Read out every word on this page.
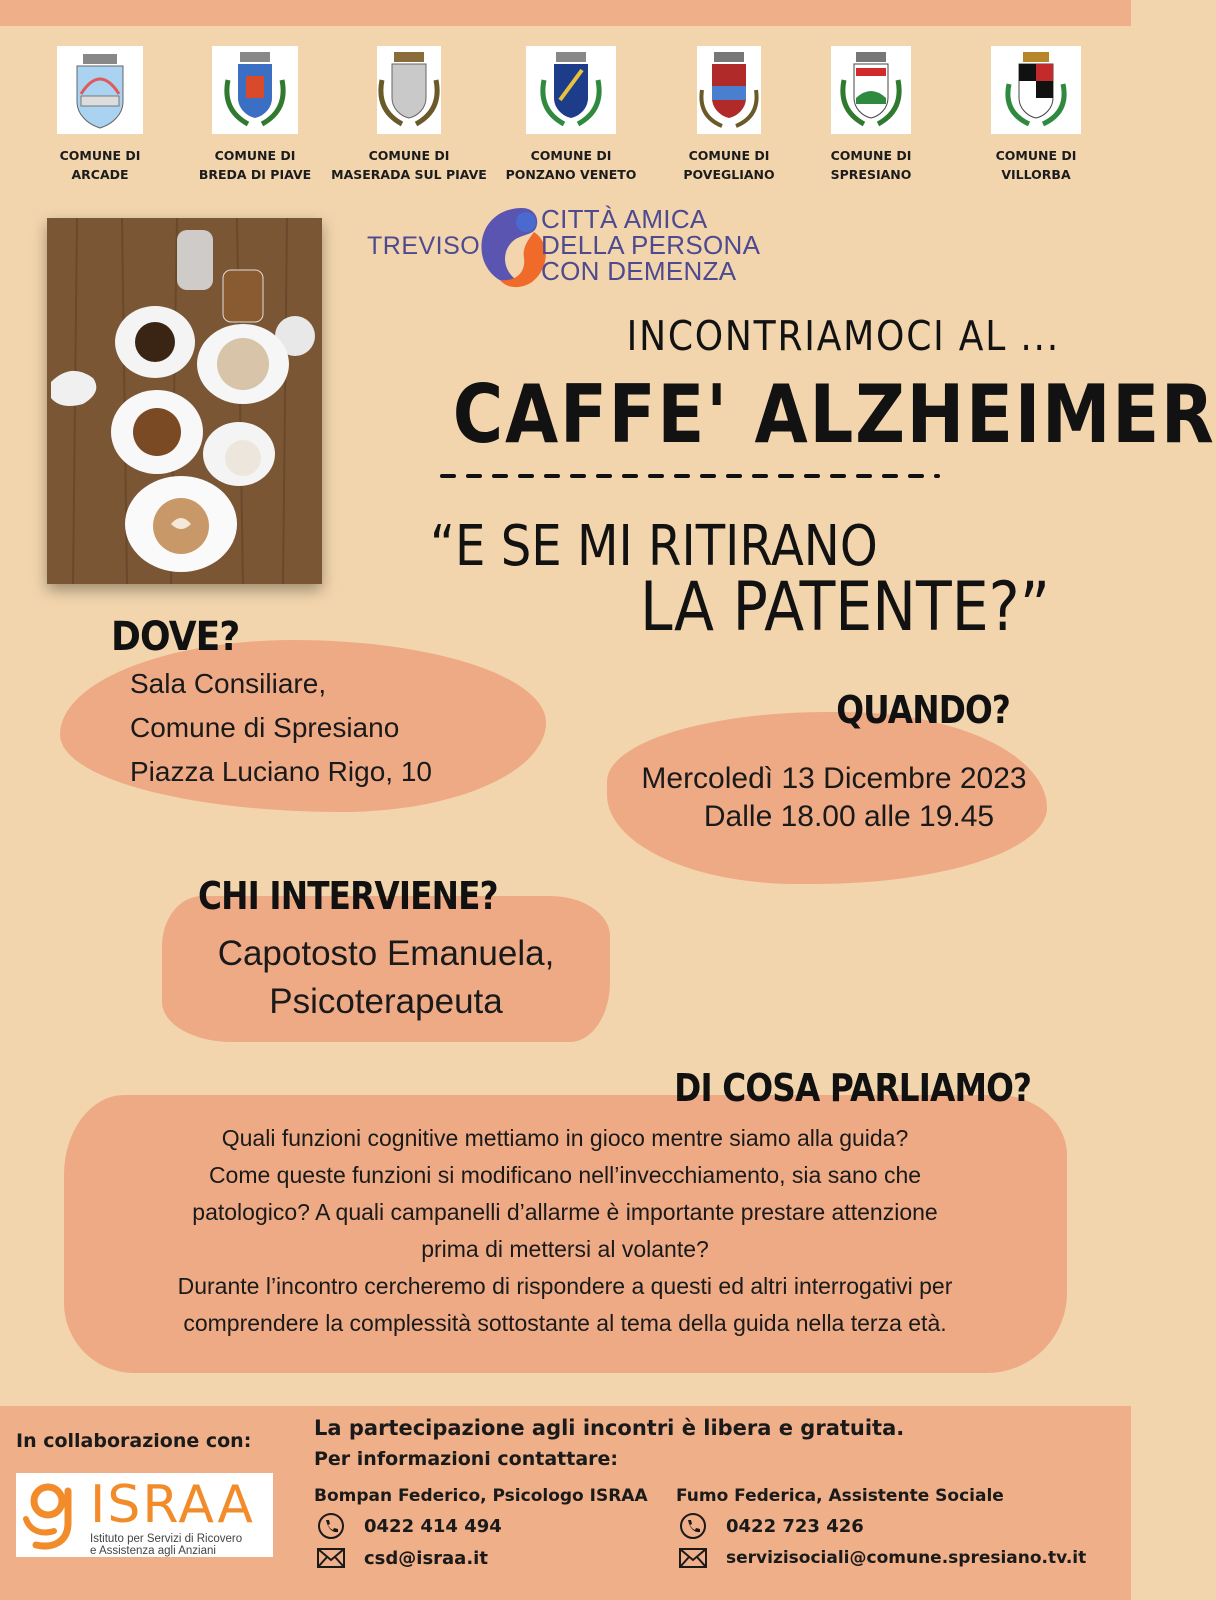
COMUNE DI
ARCADE
COMUNE DI
BREDA DI PIAVE
COMUNE DI
MASERADA SUL PIAVE
COMUNE DI
PONZANO VENETO
COMUNE DI
POVEGLIANO
COMUNE DI
SPRESIANO
COMUNE DI
VILLORBA
TREVISO
CITTÀ AMICA
DELLA PERSONA
CON DEMENZA
INCONTRIAMOCI AL ...
CAFFE' ALZHEIMER
“E SE MI RITIRANO
LA PATENTE?”
DOVE?
Sala Consiliare,
Comune di Spresiano
Piazza Luciano Rigo, 10
QUANDO?
Mercoledì 13 Dicembre 2023
Dalle 18.00 alle 19.45
CHI INTERVIENE?
Capotosto Emanuela,
Psicoterapeuta
DI COSA PARLIAMO?
Quali funzioni cognitive mettiamo in gioco mentre siamo alla guida?
Come queste funzioni si modificano nell’invecchiamento, sia sano che
patologico? A quali campanelli d’allarme è importante prestare attenzione
prima di mettersi al volante?
Durante l’incontro cercheremo di rispondere a questi ed altri interrogativi per
comprendere la complessità sottostante al tema della guida nella terza età.
In collaborazione con:
ISRAA
Istituto per Servizi di Ricovero
e Assistenza agli Anziani
La partecipazione agli incontri è libera e gratuita.
Per informazioni contattare:
Bompan Federico, Psicologo ISRAA
0422 414 494
csd@israa.it
Fumo Federica, Assistente Sociale
0422 723 426
servizisociali@comune.spresiano.tv.it
